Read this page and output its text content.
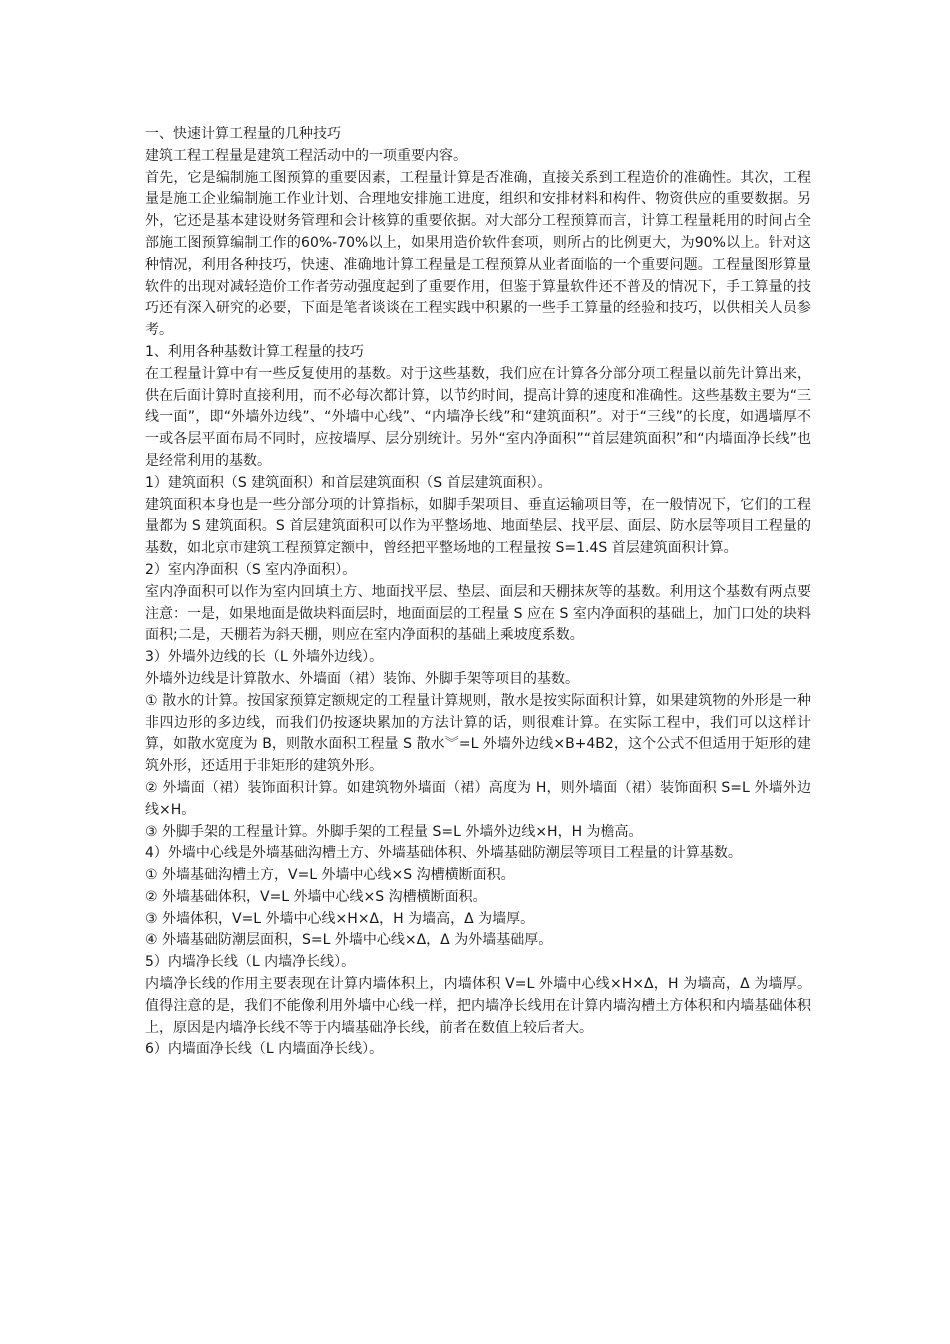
一、快速计算工程量的几种技巧

建筑工程工程量是建筑工程活动中的一项重要内容。

首先，它是编制施工图预算的重要因素，工程量计算是否准确，直接关系到工程造价的准确性。其次，工程量是施工企业编制施工作业计划、合理地安排施工进度，组织和安排材料和构件、物资供应的重要数据。另外，它还是基本建设财务管理和会计核算的重要依据。对大部分工程预算而言，计算工程量耗用的时间占全部施工图预算编制工作的60%-70%以上，如果用造价软件套项，则所占的比例更大，为90%以上。针对这种情况，利用各种技巧，快速、准确地计算工程量是工程预算从业者面临的一个重要问题。工程量图形算量软件的出现对减轻造价工作者劳动强度起到了重要作用，但鉴于算量软件还不普及的情况下，手工算量的技巧还有深入研究的必要，下面是笔者谈谈在工程实践中积累的一些手工算量的经验和技巧，以供相关人员参考。

1、利用各种基数计算工程量的技巧

在工程量计算中有一些反复使用的基数。对于这些基数，我们应在计算各分部分项工程量以前先计算出来，供在后面计算时直接利用，而不必每次都计算，以节约时间，提高计算的速度和准确性。这些基数主要为“三线一面”，即“外墙外边线”、“外墙中心线”、“内墙净长线”和“建筑面积”。对于“三线”的长度，如遇墙厚不一或各层平面布局不同时，应按墙厚、层分别统计。另外“室内净面积”“首层建筑面积”和“内墙面净长线”也是经常利用的基数。

1）建筑面积（S 建筑面积）和首层建筑面积（S 首层建筑面积）。

建筑面积本身也是一些分部分项的计算指标，如脚手架项目、垂直运输项目等，在一般情况下，它们的工程量都为 S 建筑面积。S 首层建筑面积可以作为平整场地、地面垫层、找平层、面层、防水层等项目工程量的基数，如北京市建筑工程预算定额中，曾经把平整场地的工程量按 S=1.4S 首层建筑面积计算。

2）室内净面积（S 室内净面积）。

室内净面积可以作为室内回填土方、地面找平层、垫层、面层和天棚抹灰等的基数。利用这个基数有两点要注意：一是，如果地面是做块料面层时，地面面层的工程量 S 应在 S 室内净面积的基础上，加门口处的块料面积;二是，天棚若为斜天棚，则应在室内净面积的基础上乘坡度系数。

3）外墙外边线的长（L 外墙外边线）。

外墙外边线是计算散水、外墙面（裙）装饰、外脚手架等项目的基数。

① 散水的计算。按国家预算定额规定的工程量计算规则，散水是按实际面积计算，如果建筑物的外形是一种非四边形的多边线，而我们仍按逐块累加的方法计算的话，则很难计算。在实际工程中，我们可以这样计算，如散水宽度为 B，则散水面积工程量 S 散水︾=L 外墙外边线×B+4B2，这个公式不但适用于矩形的建筑外形，还适用于非矩形的建筑外形。

② 外墙面（裙）装饰面积计算。如建筑物外墙面（裙）高度为 H，则外墙面（裙）装饰面积 S=L 外墙外边线×H。

③ 外脚手架的工程量计算。外脚手架的工程量 S=L 外墙外边线×H，H 为檐高。

4）外墙中心线是外墙基础沟槽土方、外墙基础体积、外墙基础防潮层等项目工程量的计算基数。

① 外墙基础沟槽土方，V=L 外墙中心线×S 沟槽横断面积。

② 外墙基础体积，V=L 外墙中心线×S 沟槽横断面积。

③ 外墙体积，V=L 外墙中心线×H×Δ，H 为墙高，Δ 为墙厚。

④ 外墙基础防潮层面积，S=L 外墙中心线×Δ，Δ 为外墙基础厚。

5）内墙净长线（L 内墙净长线）。

内墙净长线的作用主要表现在计算内墙体积上，内墙体积 V=L 外墙中心线×H×Δ，H 为墙高，Δ 为墙厚。值得注意的是，我们不能像利用外墙中心线一样，把内墙净长线用在计算内墙沟槽土方体积和内墙基础体积上，原因是内墙净长线不等于内墙基础净长线，前者在数值上较后者大。

6）内墙面净长线（L 内墙面净长线）。
